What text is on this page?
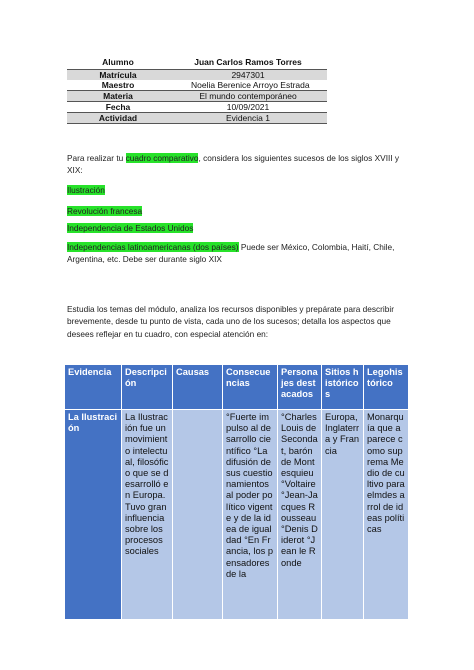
Alumno	Juan Carlos Ramos Torres
Matrícula	2947301
Maestro	Noelia Berenice Arroyo Estrada
Materia	El mundo contemporáneo
Fecha	10/09/2021
Actividad	Evidencia 1
Para realizar tu cuadro comparativo, considera los siguientes sucesos de los siglos XVIII y XIX:
Ilustración
Revolución francesa
Independencia de Estados Unidos
Independencias latinoamericanas (dos países) Puede ser México, Colombia, Haití, Chile, Argentina, etc. Debe ser durante siglo XIX
Estudia los temas del módulo, analiza los recursos disponibles y prepárate para describir brevemente, desde tu punto de vista, cada uno de los sucesos; detalla los aspectos que desees reflejar en tu cuadro, con especial atención en:
Evidencia	Descripción	Causas	Consecuencias	Personajes destacados	Sitios históricos	Legohistórico
La Ilustración	La Ilustración fue un movimiento intelectual, filosófico que se desarrolló en Europa. Tuvo gran influencia sobre los procesos sociales		°Fuerte impulso al desarrollo científico °La difusión de sus cuestionamientos al poder político vigente y de la idea de igualdad °En Francia, los pensadores de la	°Charles Louis de Secondat, barón de Montesquieu °Voltaire °Jean-Jacques Rousseau °Denis Diderot °Jean le Ronde	Europa, Inglaterra y Francia	Monarquía que aparece como suprema Medio de cultivo para elmdes arrol de ideas políticas
